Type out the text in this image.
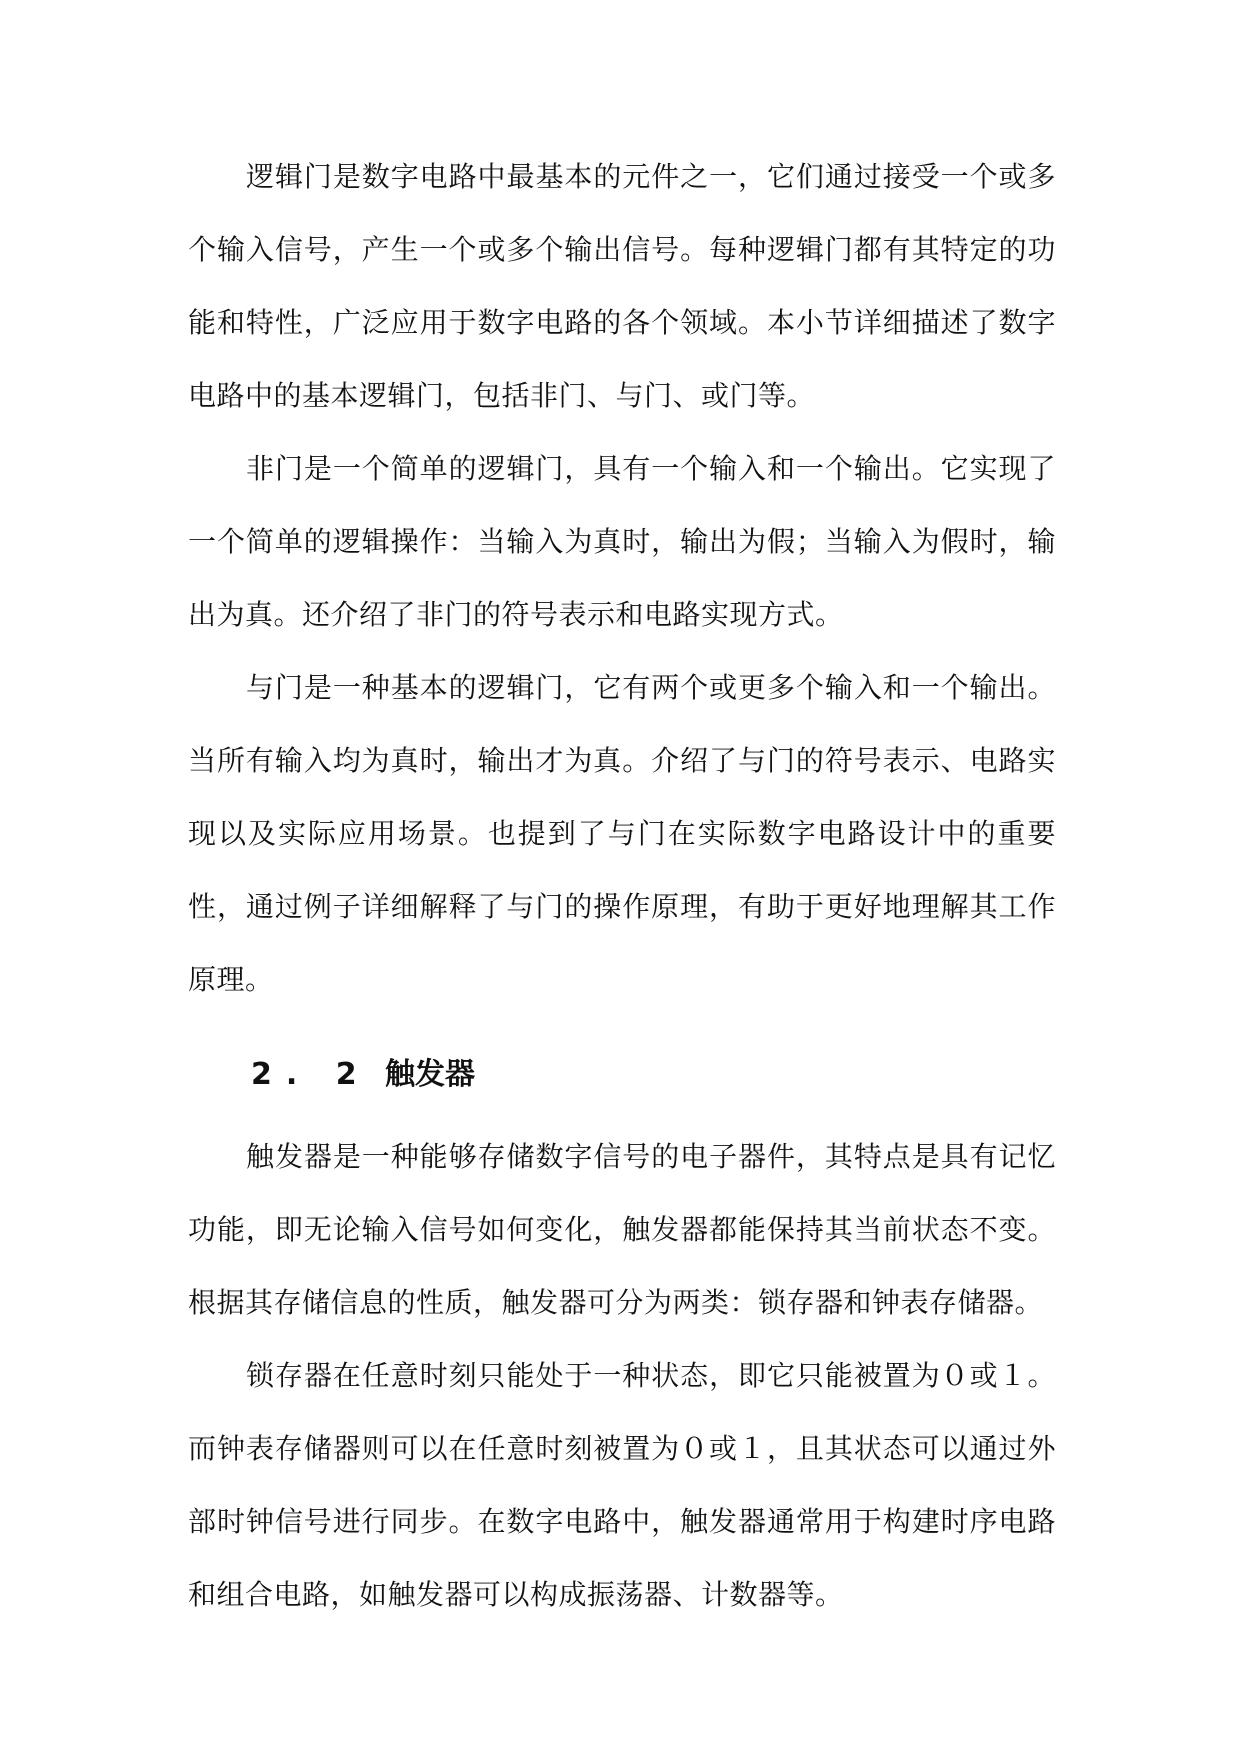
逻辑门是数字电路中最基本的元件之一，它们通过接受一个或多个输入信号，产生一个或多个输出信号。每种逻辑门都有其特定的功能和特性，广泛应用于数字电路的各个领域。本小节详细描述了数字电路中的基本逻辑门，包括非门、与门、或门等。

非门是一个简单的逻辑门，具有一个输入和一个输出。它实现了一个简单的逻辑操作：当输入为真时，输出为假；当输入为假时，输出为真。还介绍了非门的符号表示和电路实现方式。

与门是一种基本的逻辑门，它有两个或更多个输入和一个输出。当所有输入均为真时，输出才为真。介绍了与门的符号表示、电路实现以及实际应用场景。也提到了与门在实际数字电路设计中的重要性，通过例子详细解释了与门的操作原理，有助于更好地理解其工作原理。

2. 2 触发器

触发器是一种能够存储数字信号的电子器件，其特点是具有记忆功能，即无论输入信号如何变化，触发器都能保持其当前状态不变。根据其存储信息的性质，触发器可分为两类：锁存器和钟表存储器。

锁存器在任意时刻只能处于一种状态，即它只能被置为０或１。而钟表存储器则可以在任意时刻被置为０或１，且其状态可以通过外部时钟信号进行同步。在数字电路中，触发器通常用于构建时序电路和组合电路，如触发器可以构成振荡器、计数器等。
